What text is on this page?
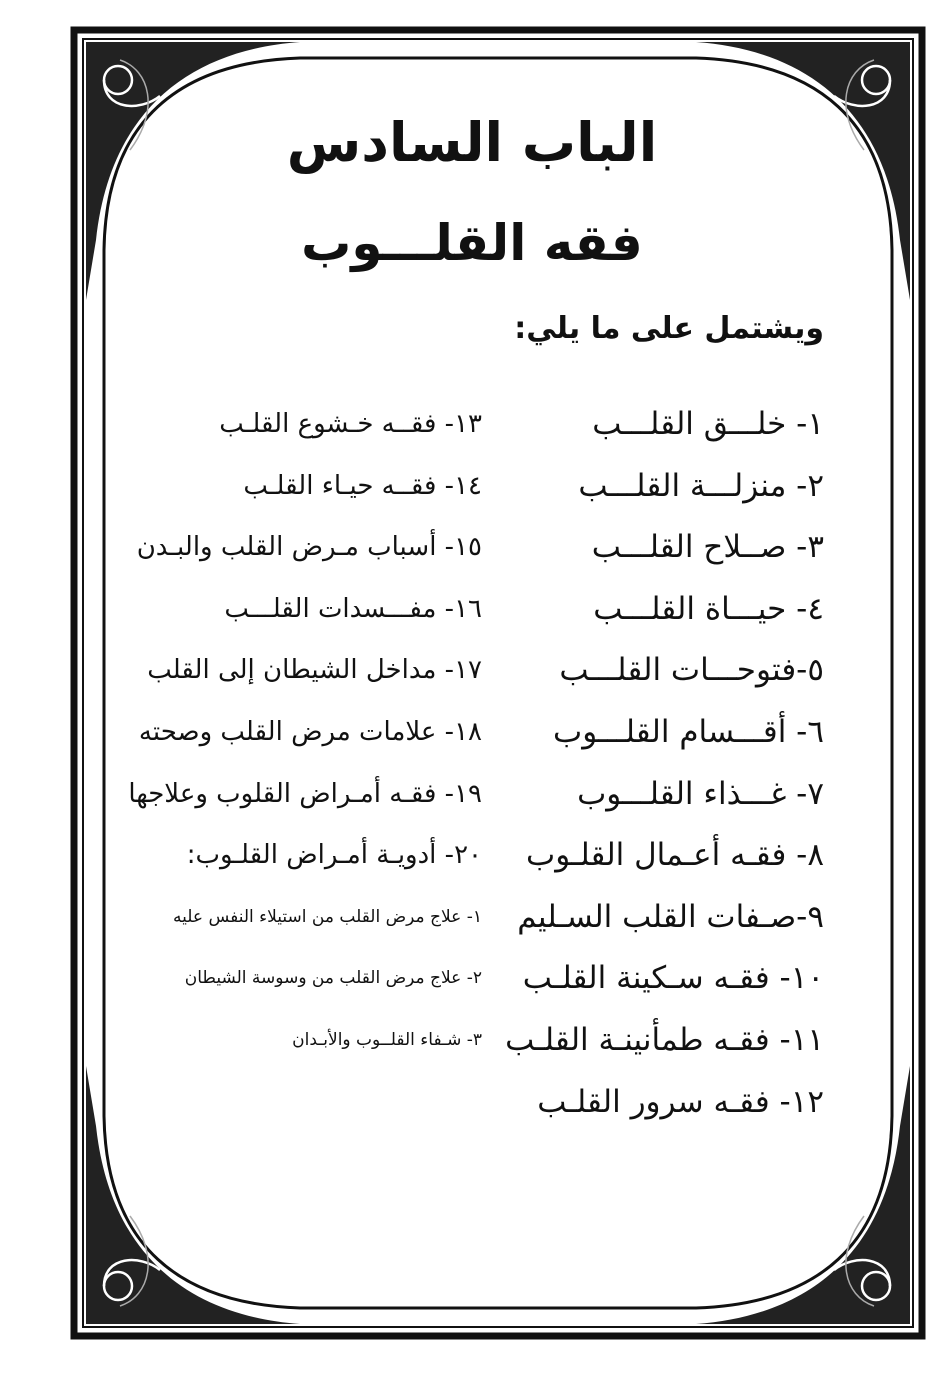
الباب السادس
فقه القلـــوب
ويشتمل على ما يلي:
١- خلـــق القلـــب
٢- منزلـــة القلـــب
٣- صــلاح القلـــب
٤- حيـــاة القلـــب
٥-فتوحـــات القلـــب
٦- أقـــسام القلـــوب
٧- غـــذاء القلـــوب
٨- فقـه أعـمال القلـوب
٩-صـفات القلب السـليم
١٠- فقـه سـكينة القلـب
١١- فقـه طمأنينـة القلـب
١٢- فقـه سرور القلـب
١٣- فقــه خـشوع القلـب
١٤- فقــه حيـاء القلـب
١٥- أسباب مـرض القلب والبـدن
١٦- مفـــسدات القلـــب
١٧- مداخل الشيطان إلى القلب
١٨- علامات مرض القلب وصحته
١٩- فقـه أمـراض القلوب وعلاجها
٢٠- أدويـة أمـراض القلـوب:
١- علاج مرض القلب من استيلاء النفس عليه
٢- علاج مرض القلب من وسوسة الشيطان
٣- شـفاء القلــوب والأبـدان
